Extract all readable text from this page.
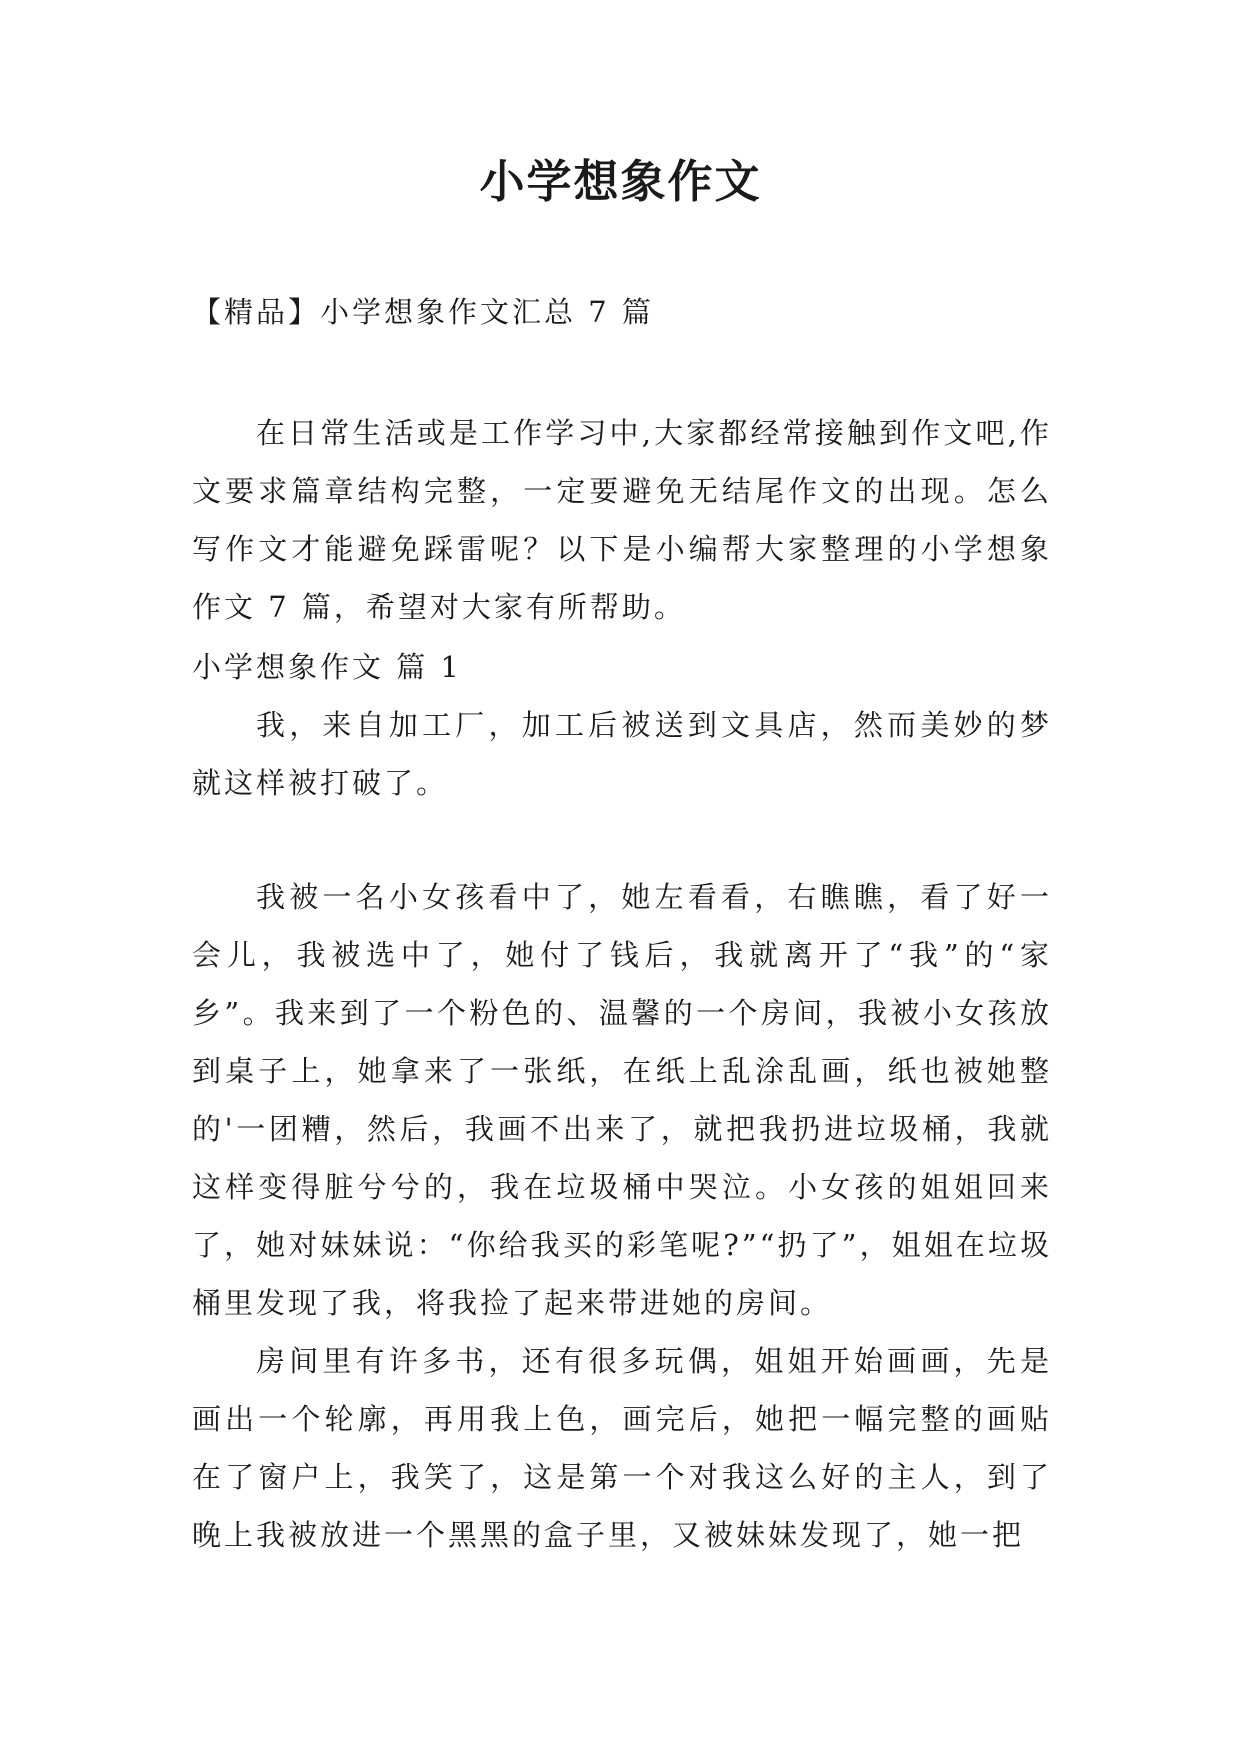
小学想象作文
【精品】小学想象作文汇总 7 篇

在日常生活或是工作学习中,大家都经常接触到作文吧,作文要求篇章结构完整，一定要避免无结尾作文的出现。怎么写作文才能避免踩雷呢？以下是小编帮大家整理的小学想象作文 7 篇，希望对大家有所帮助。

小学想象作文 篇 1

我，来自加工厂，加工后被送到文具店，然而美妙的梦就这样被打破了。

我被一名小女孩看中了，她左看看，右瞧瞧，看了好一会儿，我被选中了，她付了钱后，我就离开了“我”的“家乡”。我来到了一个粉色的、温馨的一个房间，我被小女孩放到桌子上，她拿来了一张纸，在纸上乱涂乱画，纸也被她整的'一团糟，然后，我画不出来了，就把我扔进垃圾桶，我就这样变得脏兮兮的，我在垃圾桶中哭泣。小女孩的姐姐回来了，她对妹妹说：“你给我买的彩笔呢?”“扔了”，姐姐在垃圾桶里发现了我，将我捡了起来带进她的房间。

房间里有许多书，还有很多玩偶，姐姐开始画画，先是画出一个轮廓，再用我上色，画完后，她把一幅完整的画贴在了窗户上，我笑了，这是第一个对我这么好的主人，到了晚上我被放进一个黑黑的盒子里，又被妹妹发现了，她一把
